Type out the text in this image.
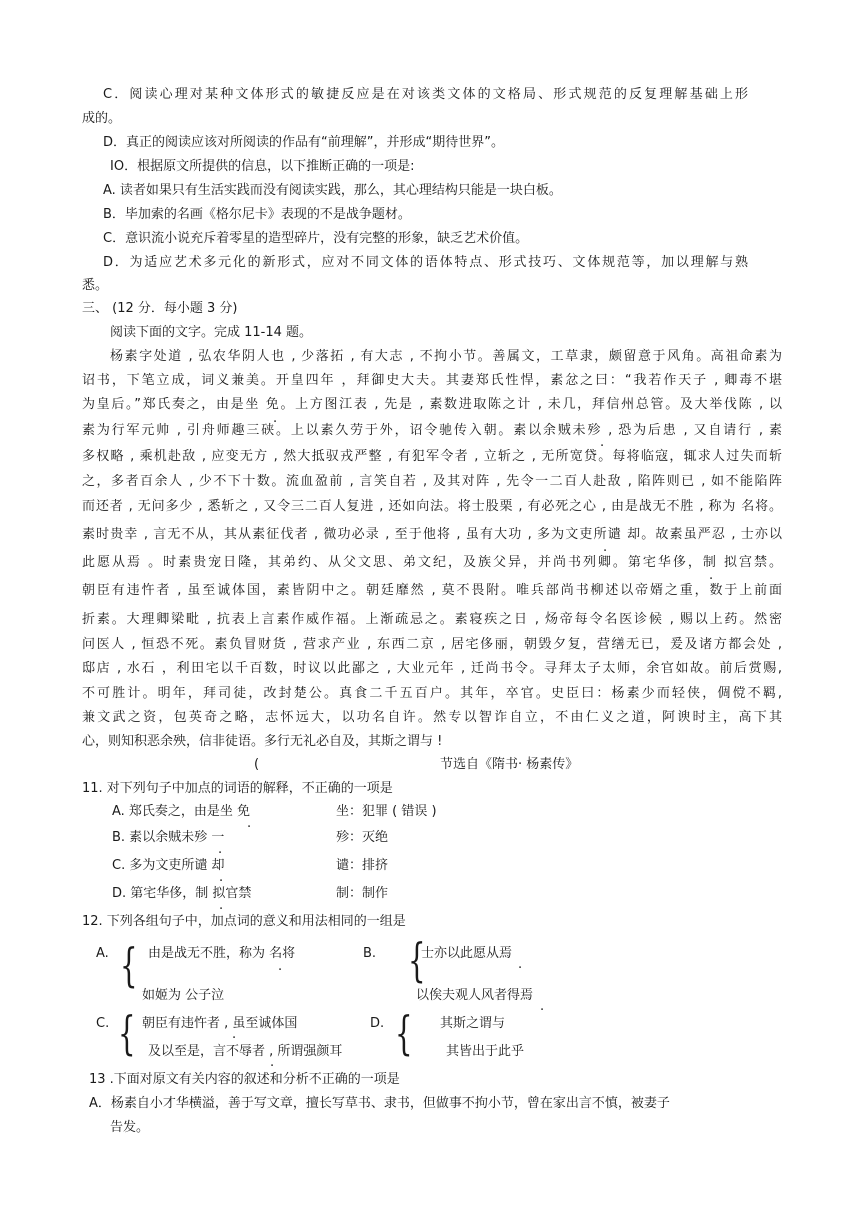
C．阅读心理对某种文体形式的敏捷反应是在对该类文体的文格局、形式规范的反复理解基础上形
成的。
D．真正的阅读应该对所阅读的作品有“前理解”，并形成“期待世界”。
IO．根据原文所提供的信息，以下推断正确的一项是:
A. 读者如果只有生活实践而没有阅读实践，那么，其心理结构只能是一块白板。
B．毕加索的名画《格尔尼卡》表现的不是战争题材。
C．意识流小说充斥着零星的造型碎片，没有完整的形象，缺乏艺术价值。
D．为适应艺术多元化的新形式，应对不同文体的语体特点、形式技巧、文体规范等，加以理解与熟
悉。
三、 (12 分．每小题 3 分)
阅读下面的文字。完成 11-14 题。
杨素字处道 , 弘农华阴人也 , 少落拓 , 有大志 , 不拘小节。善属文，工草隶，颇留意于风角。高祖命素为
诏书，下笔立成，词义兼美。开皇四年 ，拜御史大夫。其妻郑氏性悍，素忿之曰：“我若作天子 , 卿毒不堪
为皇后。”郑氏奏之，由是坐 免。上方图江表 , 先是 , 素数进取陈之计 , 未几，拜信州总管。及大举伐陈 , 以
.
素为行军元帅 , 引舟师趣三硖。上以素久劳于外，诏令驰传入朝。素以余贼未殄 , 恐为后患 , 又自请行 , 素
.
多权略 , 乘机赴敌 , 应变无方 , 然大抵驭戎严整 , 有犯军令者 , 立斩之 , 无所宽贷。每将临寇，辄求人过失而斩
之，多者百余人 , 少不下十数。流血盈前 , 言笑自若 , 及其对阵 , 先令一二百人赴敌 , 陷阵则已 , 如不能陷阵
而还者 , 无问多少 , 悉斩之 , 又令三二百人复进 , 还如向法。将士股栗 , 有必死之心 , 由是战无不胜 , 称为 名将。
素时贵幸 , 言无不从，其从素征伐者 , 微功必录 , 至于他将 , 虽有大功 , 多为文吏所谴 却。故素虽严忍 , 士亦以
.
此愿从焉 。时素贵宠日隆，其弟约、从父文思、弟文纪，及族父异，并尚书列卿。第宅华侈，制 拟宫禁。
.
朝臣有违忤者 , 虽至诚体国，素皆阴中之。朝廷靡然 , 莫不畏附。唯兵部尚书柳述以帝婿之重，数于上前面
折素。大理卿梁毗 , 抗表上言素作威作福。上渐疏忌之。素寝疾之日 , 炀帝每令名医诊候 , 赐以上药。然密
问医人 , 恒恐不死。素负冒财货 , 营求产业 , 东西二京 , 居宅侈丽，朝毁夕复，营缮无已，爰及诸方都会处 ,
邸店 , 水石 ，利田宅以千百数，时议以此鄙之 , 大业元年 , 迁尚书令。寻拜太子太师，余官如故。前后赏赐,
不可胜计。明年，拜司徒，改封楚公。真食二千五百户。其年，卒官。史臣曰：杨素少而轻侠，倜傥不羁,
兼文武之资，包英奇之略，志怀远大，以功名自许。然专以智诈自立，不由仁义之道，阿谀时主，高下其
心，则知积恶余殃，信非徒语。多行无礼必自及，其斯之谓与 !
(	节选自《隋书· 杨素传》
11. 对下列句子中加点的词语的解释，不正确的一项是
A. 郑氏奏之，由是坐 免
.
坐：犯罪 ( 错误 )
B. 素以余贼未殄 一
.
殄：灭绝
C. 多为文吏所谴 却
.
谴：排挤
D. 第宅华侈，制 拟官禁
.
制：制作
12. 下列各组句子中，加点词的意义和用法相同的一组是
A. { 由是战无不胜，称为 名将
.
如姬为 公子泣
B. {
士亦以此愿从焉
.
以俟夫观人风者得焉
.
C. { 朝臣有违忤者 , 虽至诚体国
.
及以至是，言不辱者 , 所谓强颜耳
.
D. { 其斯之谓与
其皆出于此乎
13 .下面对原文有关内容的叙述和分析不正确的一项是
A．杨素自小才华横溢，善于写文章，擅长写草书、隶书，但做事不拘小节，曾在家出言不慎，被妻子
告发。
